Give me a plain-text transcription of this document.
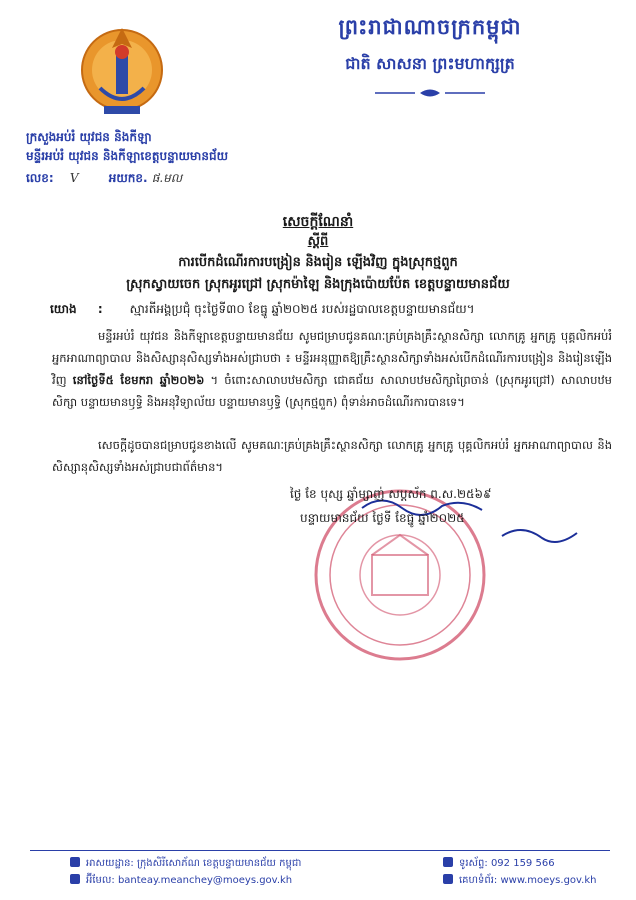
ព្រះរាជាណាចក្រកម្ពុជា
ជាតិ សាសនា ព្រះមហាក្សត្រ
ក្រសួងអប់រំ យុវជន និងកីឡា
មន្ទីរអប់រំ យុវជន និងកីឡាខេត្តបន្ទាយមានជ័យ
លេខ: V	អយកខ. ផ.មល
សេចក្តីណែនាំ
ស្តីពី
ការបើកដំណើរការបង្រៀន និងរៀន ឡើងវិញ ក្នុងស្រុកថ្មពួក
ស្រុកស្វាយចេក ស្រុកអូរជ្រៅ ស្រុកម៉ាឡៃ និងក្រុងប៉ោយប៉ែត ខេត្តបន្ទាយមានជ័យ
យោង : ស្មារតីអង្គប្រជុំ ចុះថ្ងៃទី៣០ ខែធ្នូ ឆ្នាំ២០២៥ របស់រដ្ឋបាលខេត្តបន្ទាយមានជ័យ។
មន្ទីរអប់រំ យុវជន និងកីឡាខេត្តបន្ទាយមានជ័យ សូមជម្រាបជូនគណៈគ្រប់គ្រងគ្រឹះស្ថានសិក្សា លោកគ្រូ អ្នកគ្រូ បុគ្គលិកអប់រំ អ្នកអាណាព្យាបាល និងសិស្សានុសិស្សទាំងអស់ជ្រាបថា ៖ មន្ទីរអនុញ្ញាតឱ្យគ្រឹះស្ថានសិក្សាទាំងអស់បើកដំណើរការបង្រៀន និងរៀនឡើងវិញ នៅថ្ងៃទី៥ ខែមករា ឆ្នាំ២០២៦ ។ ចំពោះសាលាបឋមសិក្សា ជោគជ័យ សាលាបឋមសិក្សាព្រៃចាន់ (ស្រុកអូរជ្រៅ) សាលាបឋមសិក្សា បន្ទាយមានឫទ្ធិ និងអនុវិទ្យាល័យ បន្ទាយមានឫទ្ធិ (ស្រុកថ្មពួក) ពុំទាន់អាចដំណើរការបានទេ។
សេចក្តីដូចបានជម្រាបជូនខាងលើ សូមគណៈគ្រប់គ្រងគ្រឹះស្ថានសិក្សា លោកគ្រូ អ្នកគ្រូ បុគ្គលិកអប់រំ អ្នកអាណាព្យាបាល និងសិស្សានុសិស្សទាំងអស់ជ្រាបជាព័ត៌មាន។
ថ្ងៃ ខែ បុស្ស ឆ្នាំម្សាញ់ សប្តស័ក ព.ស.២៥៦៩
បន្ទាយមានជ័យ ថ្ងៃទី ខែធ្នូ ឆ្នាំ២០២៥
អាសយដ្ឋាន: ក្រុងសិរីសោភ័ណ ខេត្តបន្ទាយមានជ័យ កម្ពុជា
អ៊ីមែល: banteay.meanchey@moeys.gov.kh
ទូរស័ព្ទ: 092 159 566
គេហទំព័រ: www.moeys.gov.kh
